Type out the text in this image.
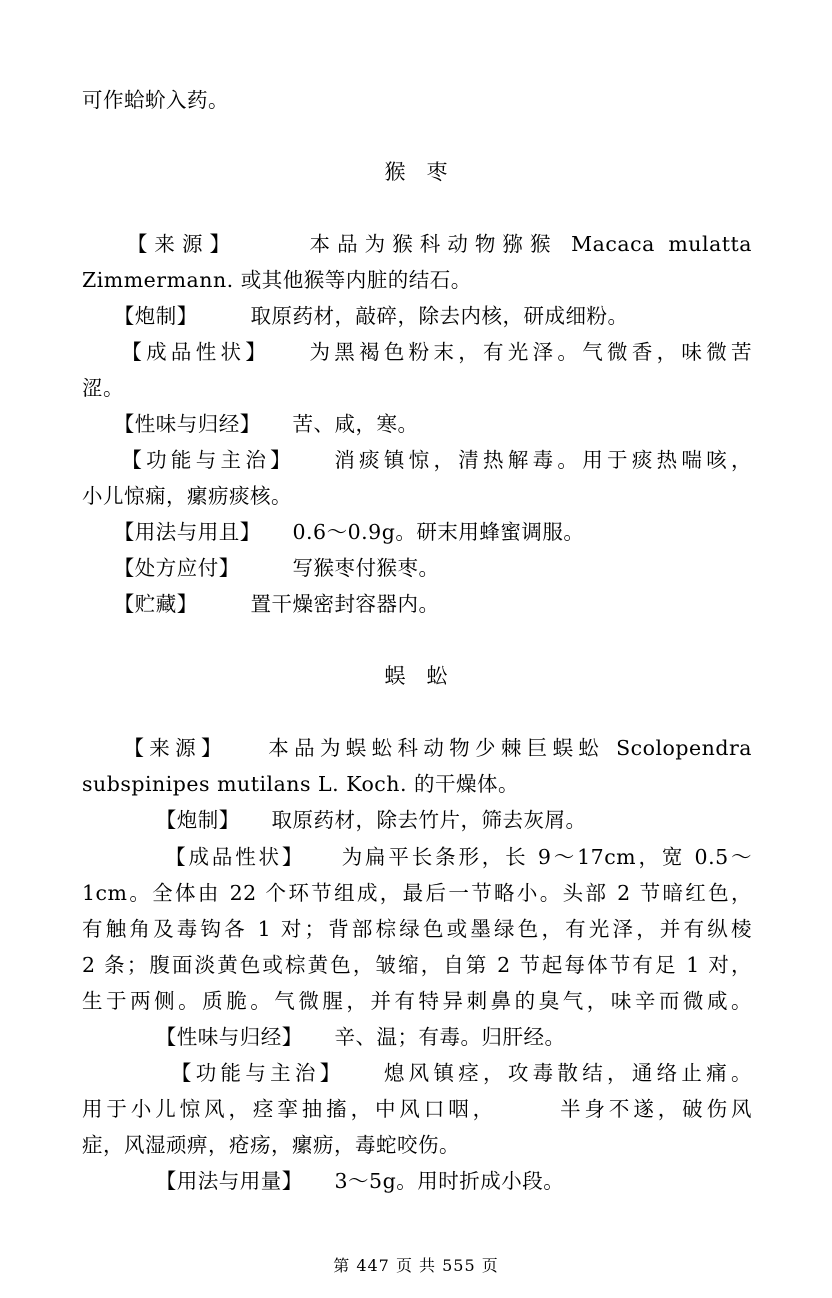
可作蛤蚧入药。
猴　枣
　　【来源】　　　本品为猴科动物猕猴 Macaca mulatta
Zimmermann. 或其他猴等内脏的结石。
　　【炮制】　　　取原药材，敲碎，除去内核，研成细粉。
　　【成品性状】　　为黑褐色粉末，有光泽。气微香，味微苦
涩。
　　【性味与归经】　　苦、咸，寒。
　　【功能与主治】　　消痰镇惊，清热解毒。用于痰热喘咳，
小儿惊痫，瘰疬痰核。
　　【用法与用且】　　0.6～0.9g。研末用蜂蜜调服。
　　【处方应付】　　　写猴枣付猴枣。
　　【贮藏】　　　置干燥密封容器内。
蜈　蚣
　　【来源】　　本品为蜈蚣科动物少棘巨蜈蚣 Scolopendra
subspinipes mutilans L. Koch. 的干燥体。
　　　　【炮制】　　取原药材，除去竹片，筛去灰屑。
　　　　【成品性状】　　为扁平长条形，长 9～17cm，宽 0.5～
1cm。全体由 22 个环节组成，最后一节略小。头部 2 节暗红色，
有触角及毒钩各 1 对；背部棕绿色或墨绿色，有光泽，并有纵棱
2 条；腹面淡黄色或棕黄色，皱缩，自第 2 节起每体节有足 1 对，
生于两侧。质脆。气微腥，并有特异刺鼻的臭气，味辛而微咸。
　　　　【性味与归经】　　辛、温；有毒。归肝经。
　　　　【功能与主治】　　熄风镇痉，攻毒散结，通络止痛。
用于小儿惊风，痉挛抽搐，中风口咽，　　　半身不遂，破伤风
症，风湿顽痹，疮疡，瘰疬，毒蛇咬伤。
　　　　【用法与用量】　　3～5g。用时折成小段。
第 447 页 共 555 页
